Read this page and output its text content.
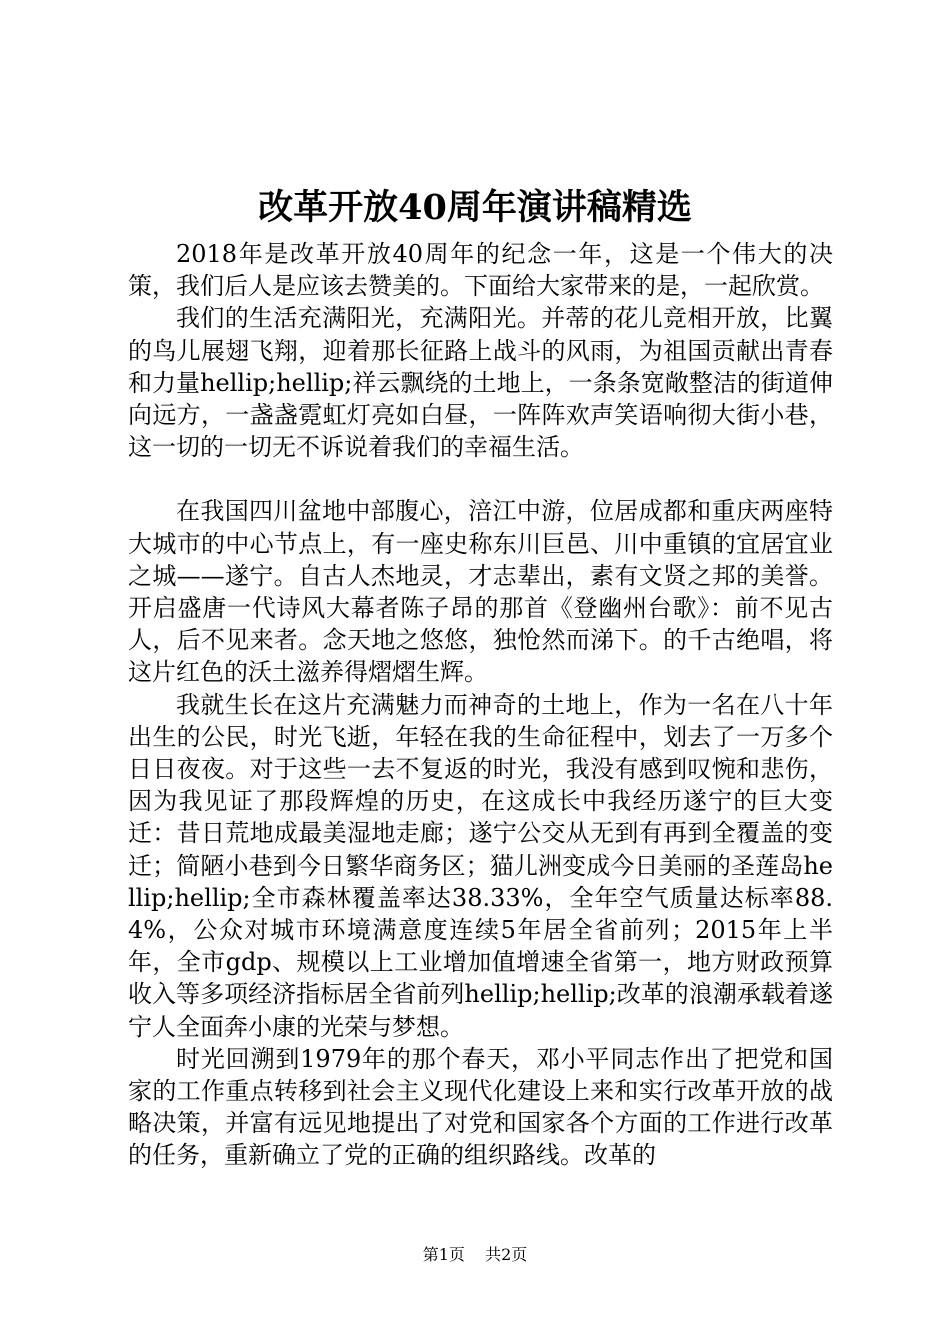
改革开放40周年演讲稿精选

2018年是改革开放40周年的纪念一年，这是一个伟大的决策，我们后人是应该去赞美的。下面给大家带来的是，一起欣赏。

我们的生活充满阳光，充满阳光。并蒂的花儿竞相开放，比翼的鸟儿展翅飞翔，迎着那长征路上战斗的风雨，为祖国贡献出青春和力量hellip;hellip;祥云飘绕的土地上，一条条宽敞整洁的街道伸向远方，一盏盏霓虹灯亮如白昼，一阵阵欢声笑语响彻大街小巷，这一切的一切无不诉说着我们的幸福生活。

在我国四川盆地中部腹心，涪江中游，位居成都和重庆两座特大城市的中心节点上，有一座史称东川巨邑、川中重镇的宜居宜业之城——遂宁。自古人杰地灵，才志辈出，素有文贤之邦的美誉。开启盛唐一代诗风大幕者陈子昂的那首《登幽州台歌》：前不见古人，后不见来者。念天地之悠悠，独怆然而涕下。的千古绝唱，将这片红色的沃土滋养得熠熠生辉。

我就生长在这片充满魅力而神奇的土地上，作为一名在八十年出生的公民，时光飞逝，年轻在我的生命征程中，划去了一万多个日日夜夜。对于这些一去不复返的时光，我没有感到叹惋和悲伤，因为我见证了那段辉煌的历史，在这成长中我经历遂宁的巨大变迁：昔日荒地成最美湿地走廊；遂宁公交从无到有再到全覆盖的变迁；简陋小巷到今日繁华商务区；猫儿洲变成今日美丽的圣莲岛hellip;hellip;全市森林覆盖率达38.33%，全年空气质量达标率88.4%，公众对城市环境满意度连续5年居全省前列；2015年上半年，全市gdp、规模以上工业增加值增速全省第一，地方财政预算收入等多项经济指标居全省前列hellip;hellip;改革的浪潮承载着遂宁人全面奔小康的光荣与梦想。

时光回溯到1979年的那个春天，邓小平同志作出了把党和国家的工作重点转移到社会主义现代化建设上来和实行改革开放的战略决策，并富有远见地提出了对党和国家各个方面的工作进行改革的任务，重新确立了党的正确的组织路线。改革的

第1页 共2页
